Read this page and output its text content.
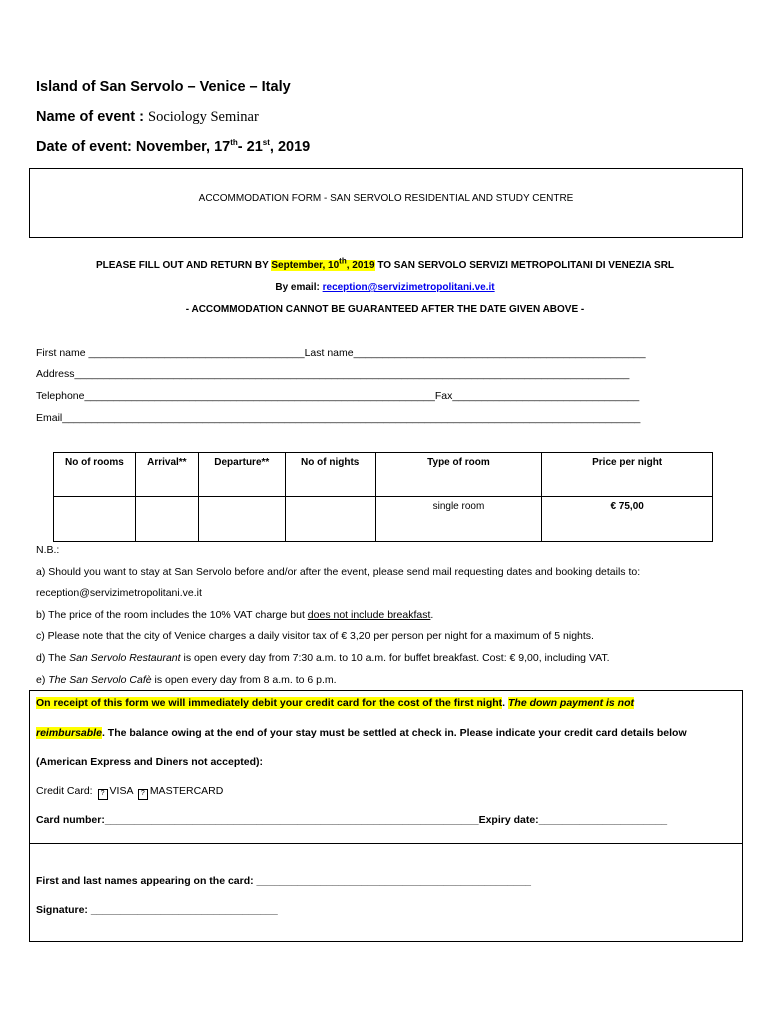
Island of San Servolo – Venice – Italy
Name of event : Sociology Seminar
Date of event: November, 17th- 21st, 2019
ACCOMMODATION FORM - SAN SERVOLO RESIDENTIAL AND STUDY CENTRE
PLEASE FILL OUT AND RETURN BY September, 10th, 2019 TO SAN SERVOLO SERVIZI METROPOLITANI DI VENEZIA SRL
By email: reception@servizimetropolitani.ve.it
- ACCOMMODATION CANNOT BE GUARANTEED AFTER THE DATE GIVEN ABOVE -
First name _____________________________________Last name__________________________________________________
Address_______________________________________________________________________________________________
Telephone____________________________________________________________Fax________________________________
Email___________________________________________________________________________________________________
No of rooms	Arrival**	Departure**	No of nights	Type of room	Price per night
				single room	€ 75,00
N.B.:
a) Should you want to stay at San Servolo before and/or after the event, please send mail requesting dates and booking details to:
reception@servizimetropolitani.ve.it
b) The price of the room includes the 10% VAT charge but does not include breakfast.
c) Please note that the city of Venice charges a daily visitor tax of € 3,20 per person per night for a maximum of 5 nights.
d) The San Servolo Restaurant is open every day from 7:30 a.m. to 10 a.m. for buffet breakfast. Cost: € 9,00, including VAT.
e) The San Servolo Cafè is open every day from 8 a.m. to 6 p.m.
On receipt of this form we will immediately debit your credit card for the cost of the first night. The down payment is not
reimbursable. The balance owing at the end of your stay must be settled at check in. Please indicate your credit card details below
(American Express and Diners not accepted):
Credit Card: ? VISA ? MASTERCARD
Card number:________________________________________________________________Expiry date:______________________
First and last names appearing on the card: _______________________________________________
Signature: ________________________________
